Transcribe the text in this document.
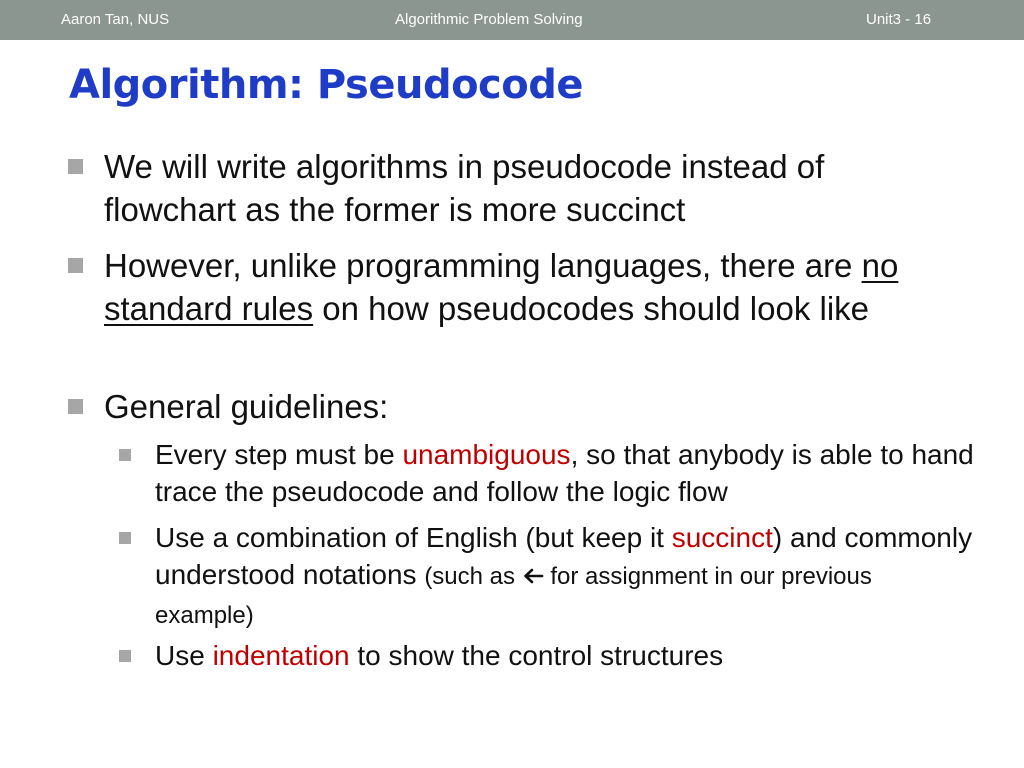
Aaron Tan, NUS	Algorithmic Problem Solving	Unit3 - 16
Algorithm: Pseudocode
We will write algorithms in pseudocode instead of flowchart as the former is more succinct
However, unlike programming languages, there are no standard rules on how pseudocodes should look like
General guidelines:
Every step must be unambiguous, so that anybody is able to hand trace the pseudocode and follow the logic flow
Use a combination of English (but keep it succinct) and commonly understood notations (such as  for assignment in our previous example)
Use indentation to show the control structures
